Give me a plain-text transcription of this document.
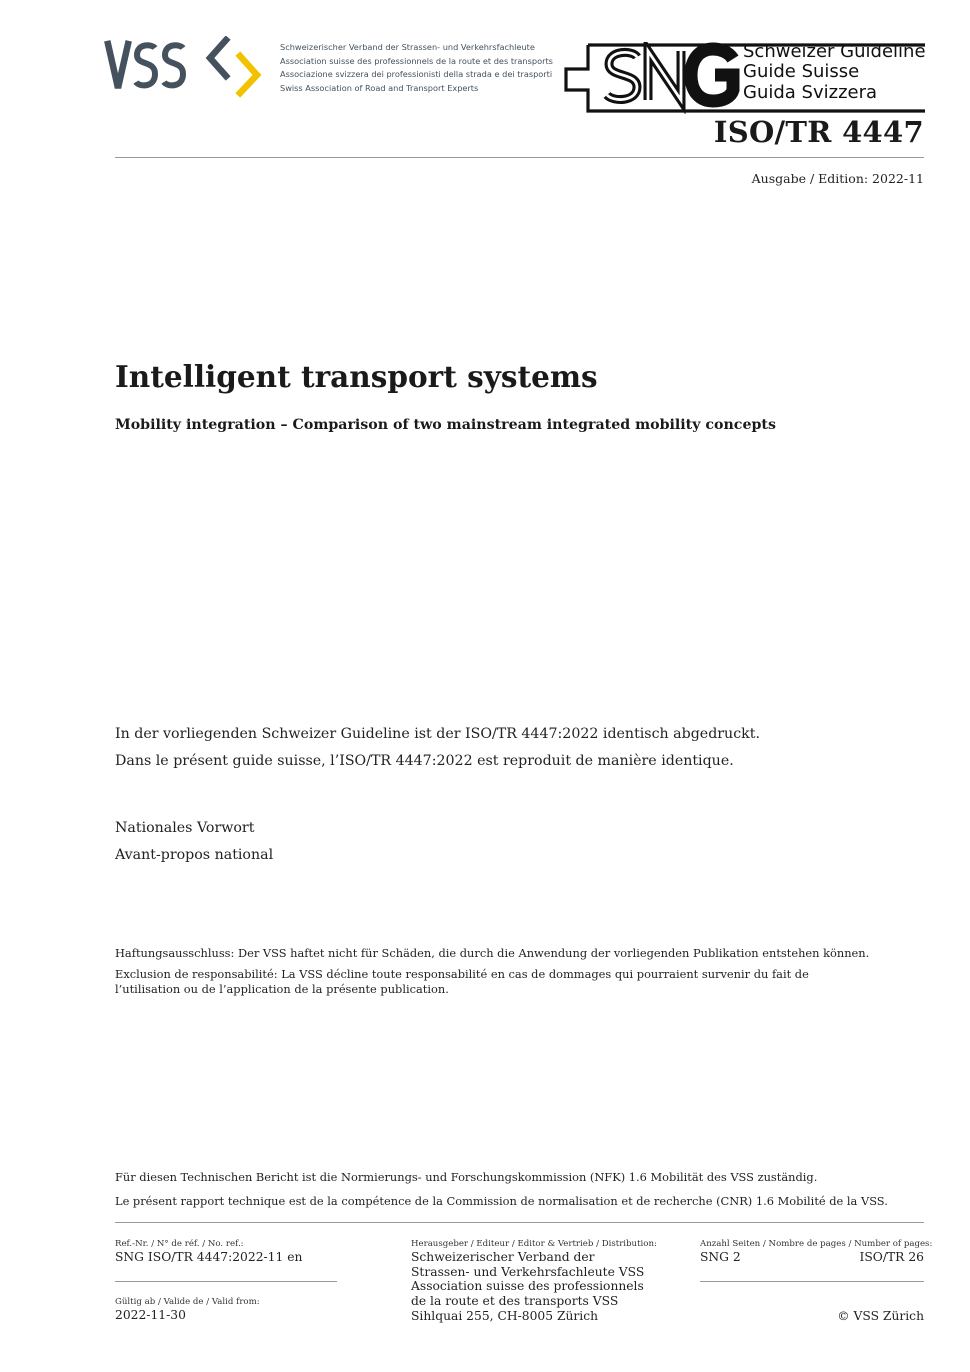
Schweizerischer Verband der Strassen- und Verkehrsfachleute
Association suisse des professionnels de la route et des transports
Associazione svizzera dei professionisti della strada e dei trasporti
Swiss Association of Road and Transport Experts
SNG	Schweizer Guideline
Guide Suisse
Guida Svizzera
ISO/TR 4447
Ausgabe / Edition: 2022-11
Intelligent transport systems
Mobility integration – Comparison of two mainstream integrated mobility concepts
In der vorliegenden Schweizer Guideline ist der ISO/TR 4447:2022 identisch abgedruckt.
Dans le présent guide suisse, l’ISO/TR 4447:2022 est reproduit de manière identique.
Nationales Vorwort
Avant-propos national
Haftungsausschluss: Der VSS haftet nicht für Schäden, die durch die Anwendung der vorliegenden Publikation entstehen können.
Exclusion de responsabilité: La VSS décline toute responsabilité en cas de dommages qui pourraient survenir du fait de l’utilisation ou de l’application de la présente publication.
Für diesen Technischen Bericht ist die Normierungs- und Forschungskommission (NFK) 1.6 Mobilität des VSS zuständig.
Le présent rapport technique est de la compétence de la Commission de normalisation et de recherche (CNR) 1.6 Mobilité de la VSS.
Ref.-Nr. / N° de réf. / No. ref.:
SNG ISO/TR 4447:2022-11 en
Gültig ab / Valide de / Valid from:
2022-11-30
Herausgeber / Editeur / Editor & Vertrieb / Distribution:
Schweizerischer Verband der
Strassen- und Verkehrsfachleute VSS
Association suisse des professionnels
de la route et des transports VSS
Sihlquai 255, CH-8005 Zürich
Anzahl Seiten / Nombre de pages / Number of pages:
SNG 2	ISO/TR 26
© VSS Zürich
